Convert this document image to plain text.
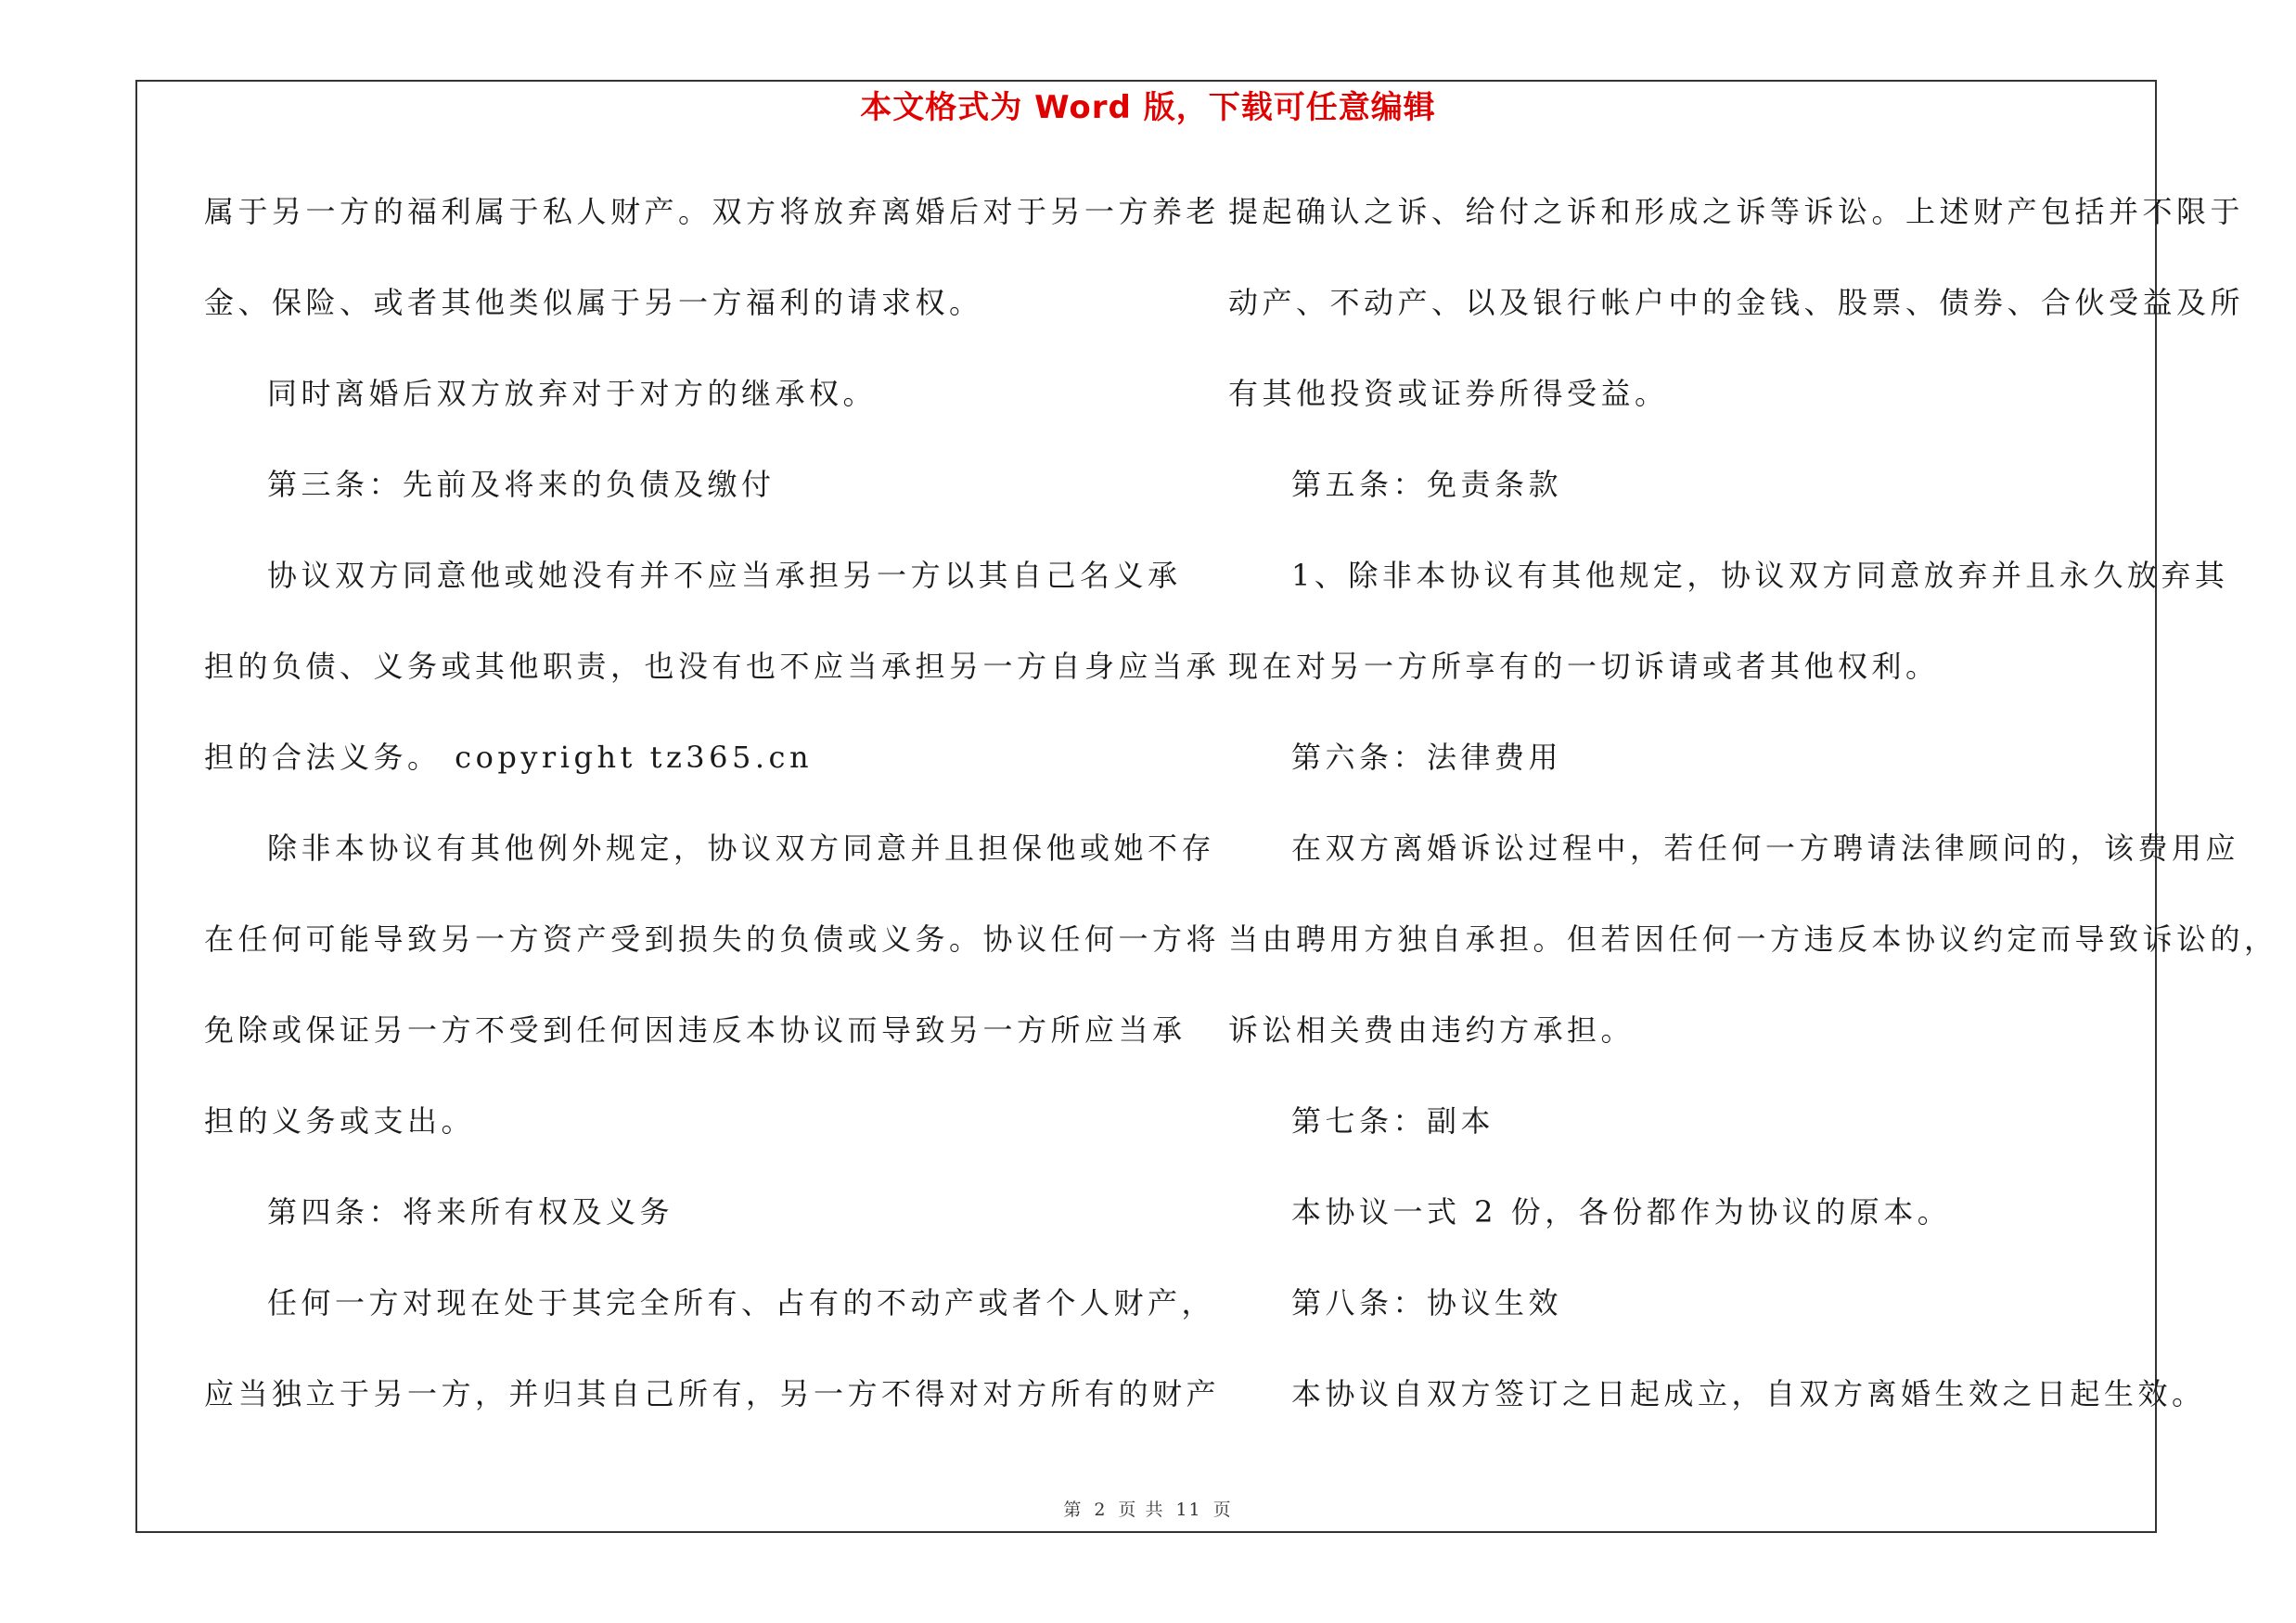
本文格式为 Word 版，下载可任意编辑
属于另一方的福利属于私人财产。双方将放弃离婚后对于另一方养老
金、保险、或者其他类似属于另一方福利的请求权。
同时离婚后双方放弃对于对方的继承权。
第三条：先前及将来的负债及缴付
协议双方同意他或她没有并不应当承担另一方以其自己名义承
担的负债、义务或其他职责，也没有也不应当承担另一方自身应当承
担的合法义务。 copyright tz365.cn
除非本协议有其他例外规定，协议双方同意并且担保他或她不存
在任何可能导致另一方资产受到损失的负债或义务。协议任何一方将
免除或保证另一方不受到任何因违反本协议而导致另一方所应当承
担的义务或支出。
第四条：将来所有权及义务
任何一方对现在处于其完全所有、占有的不动产或者个人财产，
应当独立于另一方，并归其自己所有，另一方不得对对方所有的财产
提起确认之诉、给付之诉和形成之诉等诉讼。上述财产包括并不限于
动产、不动产、以及银行帐户中的金钱、股票、债券、合伙受益及所
有其他投资或证券所得受益。
第五条：免责条款
1、除非本协议有其他规定，协议双方同意放弃并且永久放弃其
现在对另一方所享有的一切诉请或者其他权利。
第六条：法律费用
在双方离婚诉讼过程中，若任何一方聘请法律顾问的，该费用应
当由聘用方独自承担。但若因任何一方违反本协议约定而导致诉讼的，
诉讼相关费由违约方承担。
第七条：副本
本协议一式 2 份，各份都作为协议的原本。
第八条：协议生效
本协议自双方签订之日起成立，自双方离婚生效之日起生效。
第 2 页 共 11 页
